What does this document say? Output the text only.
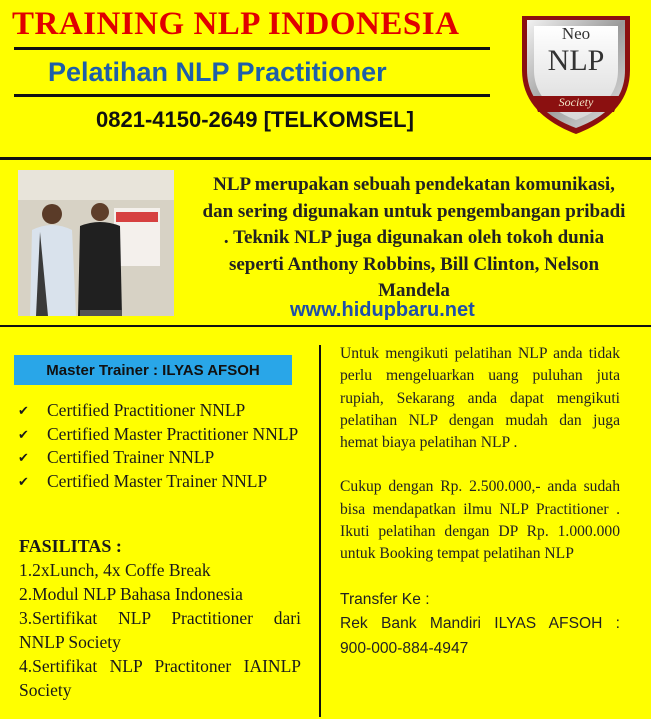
TRAINING NLP INDONESIA
Pelatihan NLP Practitioner
0821-4150-2649 [TELKOMSEL]
Neo
NLP
Society
NLP merupakan sebuah pendekatan komunikasi, dan sering digunakan untuk pengembangan pribadi . Teknik NLP juga digunakan oleh tokoh dunia seperti Anthony Robbins, Bill Clinton, Nelson Mandela
www.hidupbaru.net
Master Trainer : ILYAS AFSOH
✔ Certified Practitioner NNLP
✔ Certified Master Practitioner NNLP
✔ Certified Trainer NNLP
✔ Certified Master Trainer NNLP
FASILITAS :
1.2xLunch, 4x Coffe Break
2.Modul NLP Bahasa Indonesia
3.Sertifikat NLP Practitioner dari NNLP Society
4.Sertifikat NLP Practitoner IAINLP Society
Untuk mengikuti pelatihan NLP anda tidak perlu mengeluarkan uang puluhan juta rupiah, Sekarang anda dapat mengikuti pelatihan NLP dengan mudah dan juga hemat biaya pelatihan NLP .
Cukup dengan Rp. 2.500.000,- anda sudah bisa mendapatkan ilmu NLP Practitioner . Ikuti pelatihan dengan DP Rp. 1.000.000 untuk Booking tempat pelatihan NLP
Transfer Ke :
Rek Bank Mandiri ILYAS AFSOH :
900-000-884-4947
